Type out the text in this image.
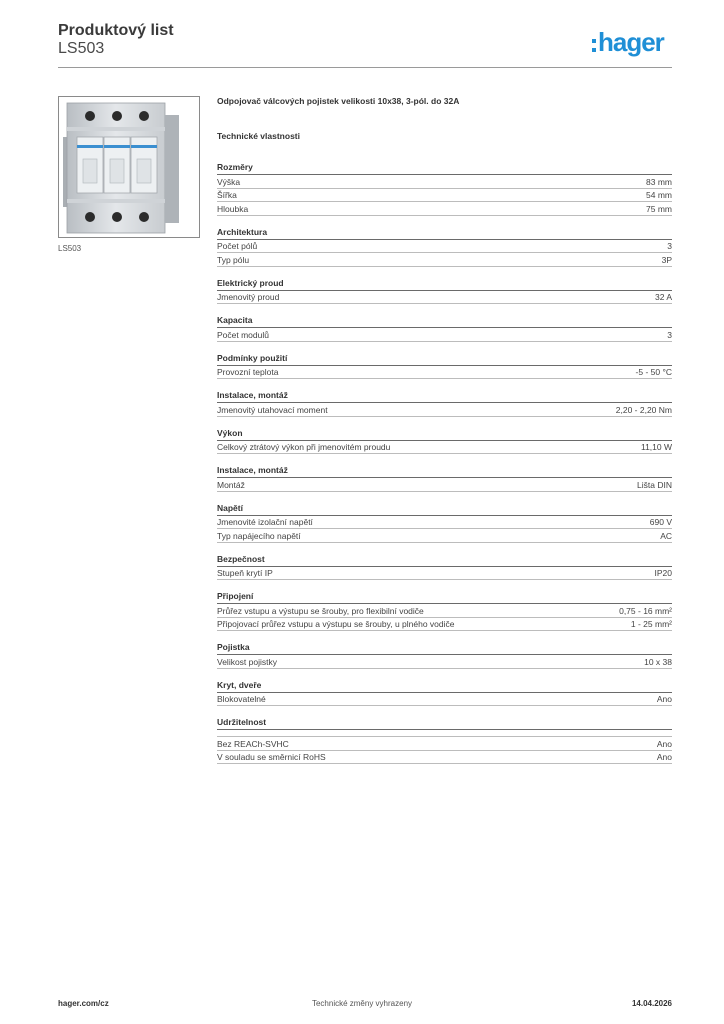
Produktový list
LS503	hager
LS503
Odpojovač válcových pojistek velikosti 10x38, 3-pól. do 32A
Technické vlastnosti
Rozměry
Výška	83 mm
Šířka	54 mm
Hloubka	75 mm
Architektura
Počet pólů	3
Typ pólu	3P
Elektrický proud
Jmenovitý proud	32 A
Kapacita
Počet modulů	3
Podmínky použití
Provozní teplota	-5 - 50 °C
Instalace, montáž
Jmenovitý utahovací moment	2,20 - 2,20 Nm
Výkon
Celkový ztrátový výkon při jmenovitém proudu	11,10 W
Instalace, montáž
Montáž	Lišta DIN
Napětí
Jmenovité izolační napětí	690 V
Typ napájecího napětí	AC
Bezpečnost
Stupeň krytí IP	IP20
Připojení
Průřez vstupu a výstupu se šrouby, pro flexibilní vodiče	0,75 - 16 mm²
Připojovací průřez vstupu a výstupu se šrouby, u plného vodiče	1 - 25 mm²
Pojistka
Velikost pojistky	10 x 38
Kryt, dveře
Blokovatelné	Ano
Udržitelnost
Bez REACh-SVHC	Ano
V souladu se směrnicí RoHS	Ano
hager.com/cz	Technické změny vyhrazeny	14.04.2026
